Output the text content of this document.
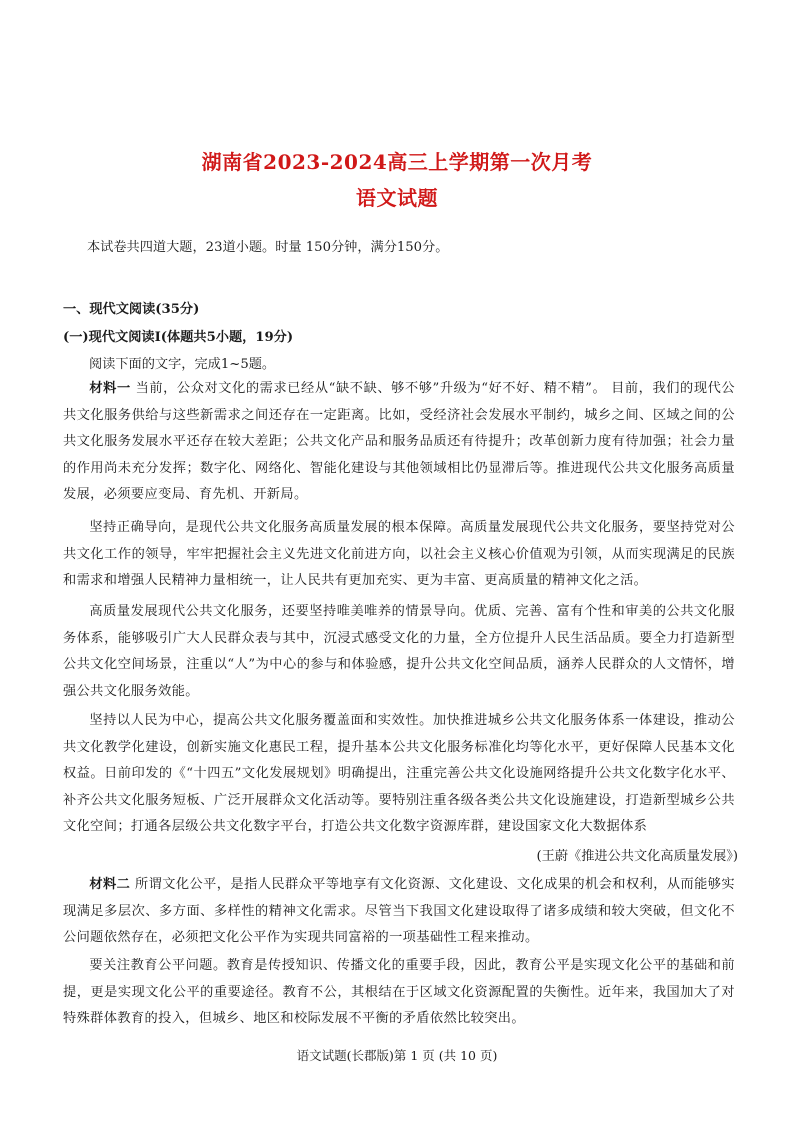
湖南省2023-2024高三上学期第一次月考
语文试题
本试卷共四道大题，23道小题。时量 150分钟，满分150分。
一、现代文阅读(35分)
(一)现代文阅读Ⅰ(体题共5小题，19分)
阅读下面的文字，完成1~5题。

材料一 当前，公众对文化的需求已经从“缺不缺、够不够”升级为“好不好、精不精”。 目前，我们的现代公共文化服务供给与这些新需求之间还存在一定距离。比如，受经济社会发展水平制约，城乡之间、区域之间的公共文化服务发展水平还存在较大差距；公共文化产品和服务品质还有待提升；改革创新力度有待加强；社会力量的作用尚未充分发挥；数字化、网络化、智能化建设与其他领域相比仍显滞后等。推进现代公共文化服务高质量发展，必须要应变局、育先机、开新局。

坚持正确导向，是现代公共文化服务高质量发展的根本保障。高质量发展现代公共文化服务，要坚持党对公共文化工作的领导，牢牢把握社会主义先进文化前进方向，以社会主义核心价值观为引领，从而实现满足的民族和需求和增强人民精神力量相统一，让人民共有更加充实、更为丰富、更高质量的精神文化之活。

高质量发展现代公共文化服务，还要坚持唯美唯养的情景导向。优质、完善、富有个性和审美的公共文化服务体系，能够吸引广大人民群众表与其中，沉浸式感受文化的力量，全方位提升人民生活品质。要全力打造新型公共文化空间场景，注重以“人”为中心的参与和体验感，提升公共文化空间品质，涵养人民群众的人文情怀，增强公共文化服务效能。

坚持以人民为中心，提高公共文化服务覆盖面和实效性。加快推进城乡公共文化服务体系一体建设，推动公共文化教学化建设，创新实施文化惠民工程，提升基本公共文化服务标准化均等化水平，更好保障人民基本文化权益。日前印发的《“十四五”文化发展规划》明确提出，注重完善公共文化设施网络提升公共文化数字化水平、补齐公共文化服务短板、广泛开展群众文化活动等。要特别注重各级各类公共文化设施建设，打造新型城乡公共文化空间；打通各层级公共文化数字平台，打造公共文化数字资源库群，建设国家文化大数据体系

(王蔚《推进公共文化高质量发展》)

材料二 所谓文化公平，是指人民群众平等地享有文化资源、文化建设、文化成果的机会和权利，从而能够实现满足多层次、多方面、多样性的精神文化需求。尽管当下我国文化建设取得了诸多成绩和较大突破，但文化不公问题依然存在，必须把文化公平作为实现共同富裕的一项基础性工程来推动。

要关注教育公平问题。教育是传授知识、传播文化的重要手段，因此，教育公平是实现文化公平的基础和前提，更是实现文化公平的重要途径。教育不公，其根结在于区域文化资源配置的失衡性。近年来，我国加大了对特殊群体教育的投入，但城乡、地区和校际发展不平衡的矛盾依然比较突出。

语文试题(长郡版)第 1 页 (共 10 页)
